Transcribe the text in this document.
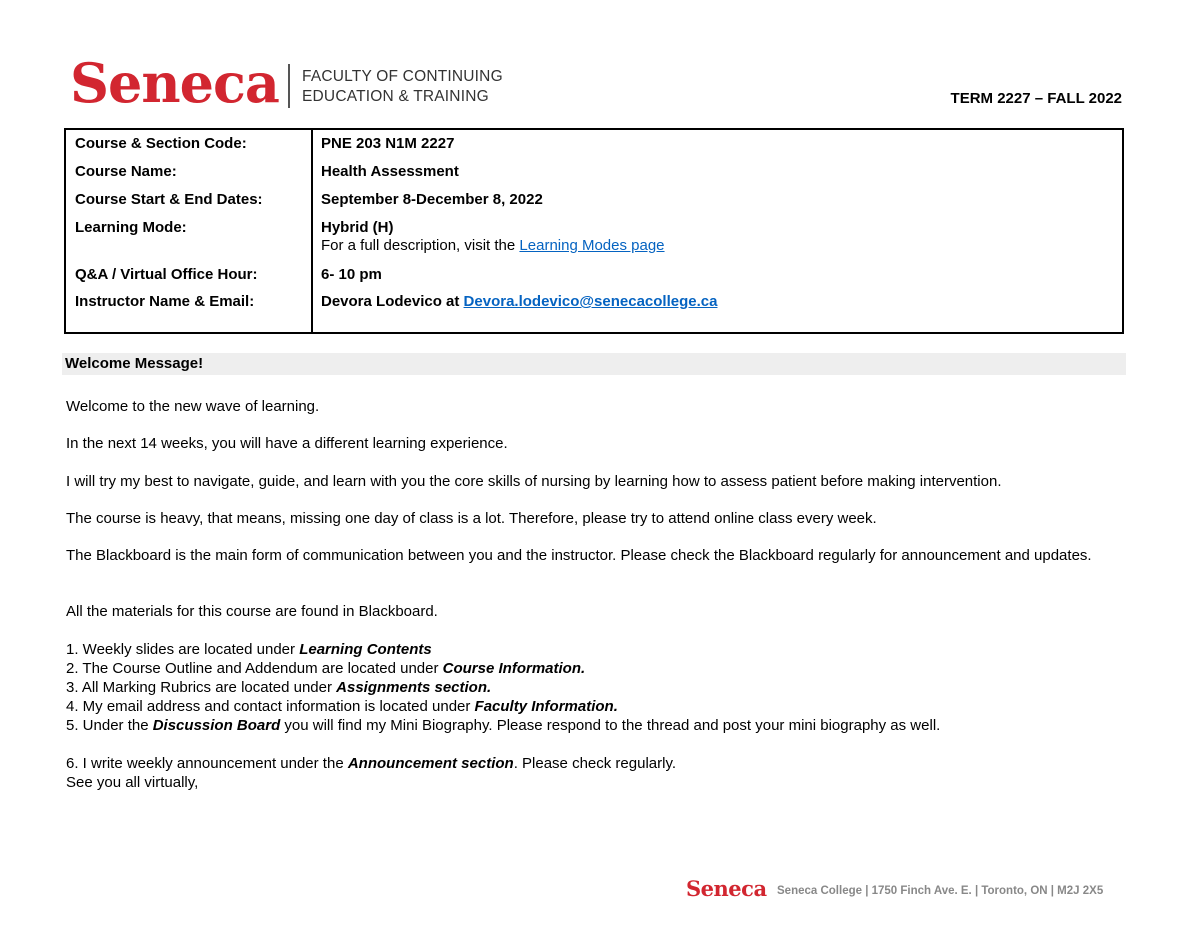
Seneca FACULTY OF CONTINUING
EDUCATION & TRAINING	TERM 2227 – FALL 2022
Course & Section Code:	PNE 203 N1M 2227
Course Name:	Health Assessment
Course Start & End Dates:	September 8-December 8, 2022
Learning Mode:	Hybrid (H)
For a full description, visit the Learning Modes page
Q&A / Virtual Office Hour:	6- 10 pm
Instructor Name & Email:	Devora Lodevico at Devora.lodevico@senecacollege.ca
Welcome Message!
Welcome to the new wave of learning.
In the next 14 weeks, you will have a different learning experience.
I will try my best to navigate, guide, and learn with you the core skills of nursing by learning how to assess patient before making intervention.
The course is heavy, that means, missing one day of class is a lot. Therefore, please try to attend online class every week.
The Blackboard is the main form of communication between you and the instructor. Please check the Blackboard regularly for announcement and updates.
All the materials for this course are found in Blackboard.
1. Weekly slides are located under Learning Contents
2. The Course Outline and Addendum are located under Course Information.
3. All Marking Rubrics are located under Assignments section.
4. My email address and contact information is located under Faculty Information.
5. Under the Discussion Board you will find my Mini Biography. Please respond to the thread and post your mini biography as well.
6. I write weekly announcement under the Announcement section. Please check regularly.
See you all virtually,
Seneca Seneca College | 1750 Finch Ave. E. | Toronto, ON | M2J 2X5
